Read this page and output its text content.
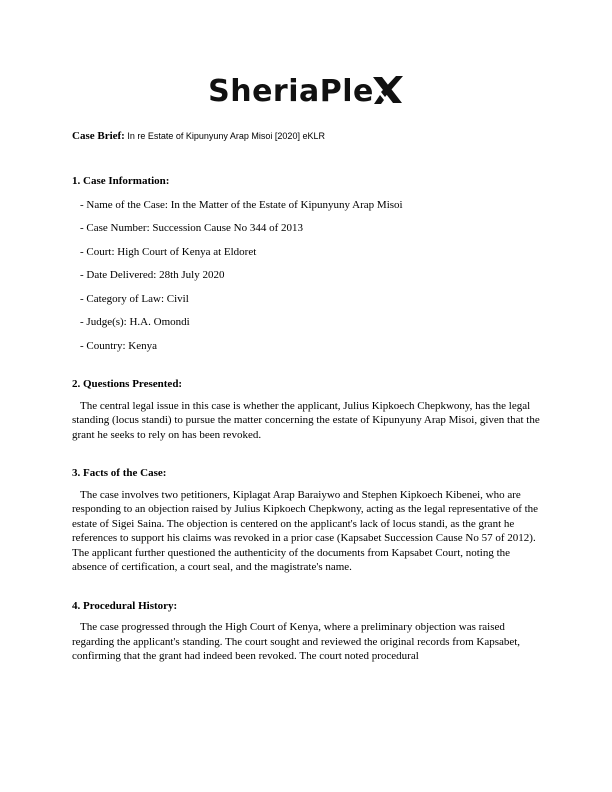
SheriaPle
Case Brief: In re Estate of Kipunyuny Arap Misoi [2020] eKLR

1. Case Information:

- Name of the Case: In the Matter of the Estate of Kipunyuny Arap Misoi

- Case Number: Succession Cause No 344 of 2013

- Court: High Court of Kenya at Eldoret

- Date Delivered: 28th July 2020

- Category of Law: Civil

- Judge(s): H.A. Omondi

- Country: Kenya

2. Questions Presented:

The central legal issue in this case is whether the applicant, Julius Kipkoech Chepkwony, has the legal standing (locus standi) to pursue the matter concerning the estate of Kipunyuny Arap Misoi, given that the grant he seeks to rely on has been revoked.

3. Facts of the Case:

The case involves two petitioners, Kiplagat Arap Baraiywo and Stephen Kipkoech Kibenei, who are responding to an objection raised by Julius Kipkoech Chepkwony, acting as the legal representative of the estate of Sigei Saina. The objection is centered on the applicant's lack of locus standi, as the grant he references to support his claims was revoked in a prior case (Kapsabet Succession Cause No 57 of 2012). The applicant further questioned the authenticity of the documents from Kapsabet Court, noting the absence of certification, a court seal, and the magistrate's name.

4. Procedural History:

The case progressed through the High Court of Kenya, where a preliminary objection was raised regarding the applicant's standing. The court sought and reviewed the original records from Kapsabet, confirming that the grant had indeed been revoked. The court noted procedural
